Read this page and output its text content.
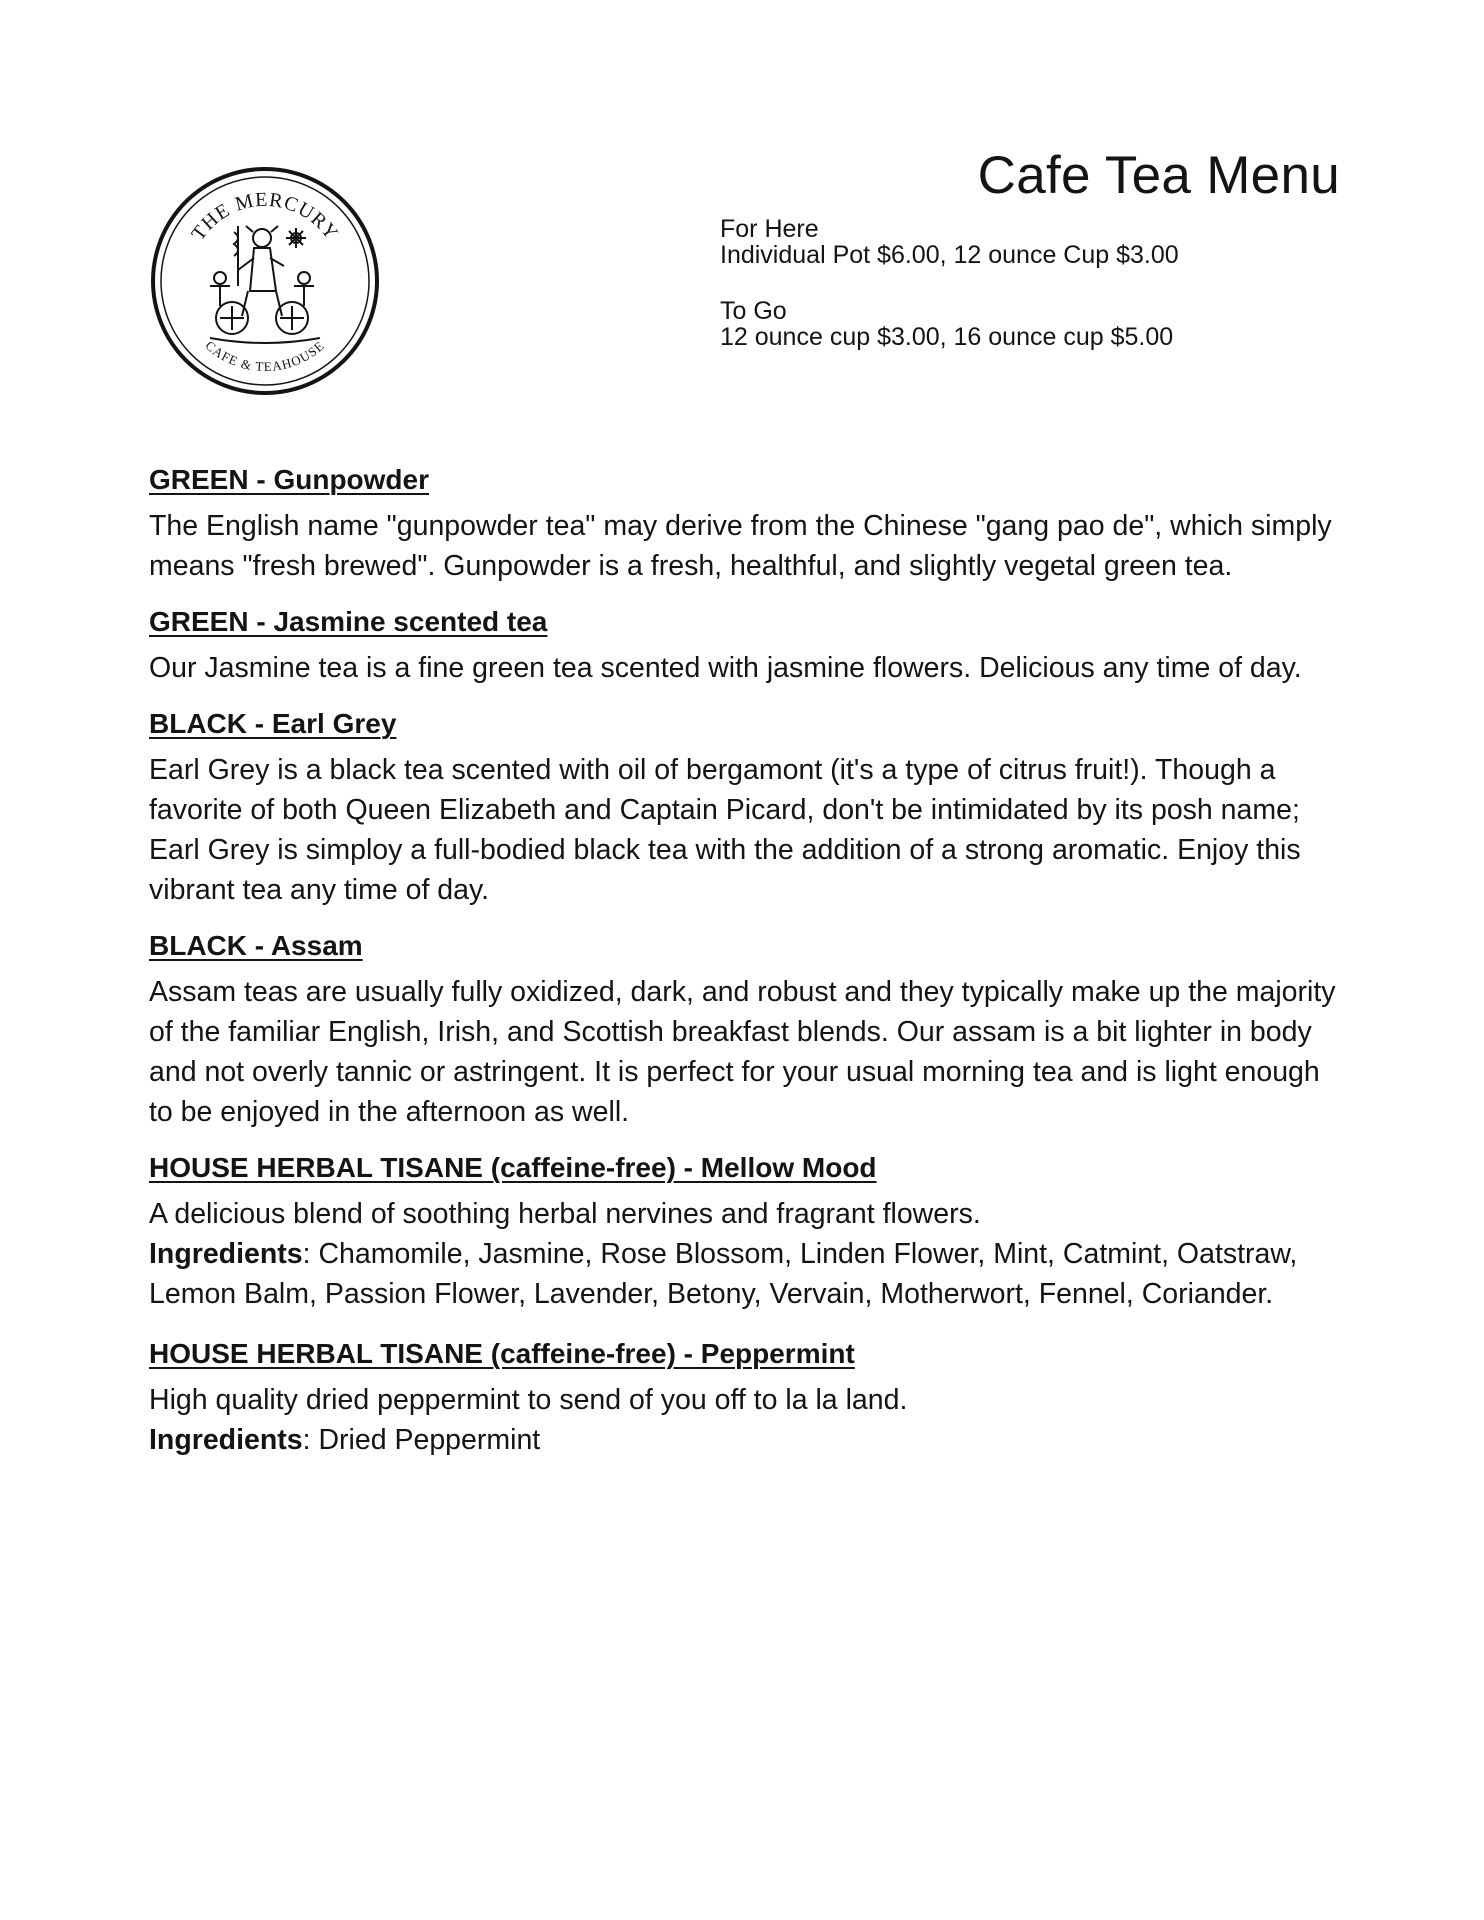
THE MERCURY
CAFE & TEAHOUSE
Cafe Tea Menu
For Here
Individual Pot $6.00, 12 ounce Cup $3.00
To Go
12 ounce cup $3.00, 16 ounce cup $5.00
GREEN - Gunpowder

The English name "gunpowder tea" may derive from the Chinese "gang pao de", which simply means "fresh brewed". Gunpowder is a fresh, healthful, and slightly vegetal green tea.

GREEN - Jasmine scented tea

Our Jasmine tea is a fine green tea scented with jasmine flowers. Delicious any time of day.

BLACK - Earl Grey

Earl Grey is a black tea scented with oil of bergamont (it's a type of citrus fruit!). Though a favorite of both Queen Elizabeth and Captain Picard, don't be intimidated by its posh name; Earl Grey is simploy a full-bodied black tea with the addition of a strong aromatic. Enjoy this vibrant tea any time of day.

BLACK - Assam

Assam teas are usually fully oxidized, dark, and robust and they typically make up the majority of the familiar English, Irish, and Scottish breakfast blends. Our assam is a bit lighter in body and not overly tannic or astringent. It is perfect for your usual morning tea and is light enough to be enjoyed in the afternoon as well.

HOUSE HERBAL TISANE (caffeine-free) - Mellow Mood

A delicious blend of soothing herbal nervines and fragrant flowers.
Ingredients: Chamomile, Jasmine, Rose Blossom, Linden Flower, Mint, Catmint, Oatstraw, Lemon Balm, Passion Flower, Lavender, Betony, Vervain, Motherwort, Fennel, Coriander.

HOUSE HERBAL TISANE (caffeine-free) - Peppermint

High quality dried peppermint to send of you off to la la land.
Ingredients: Dried Peppermint
